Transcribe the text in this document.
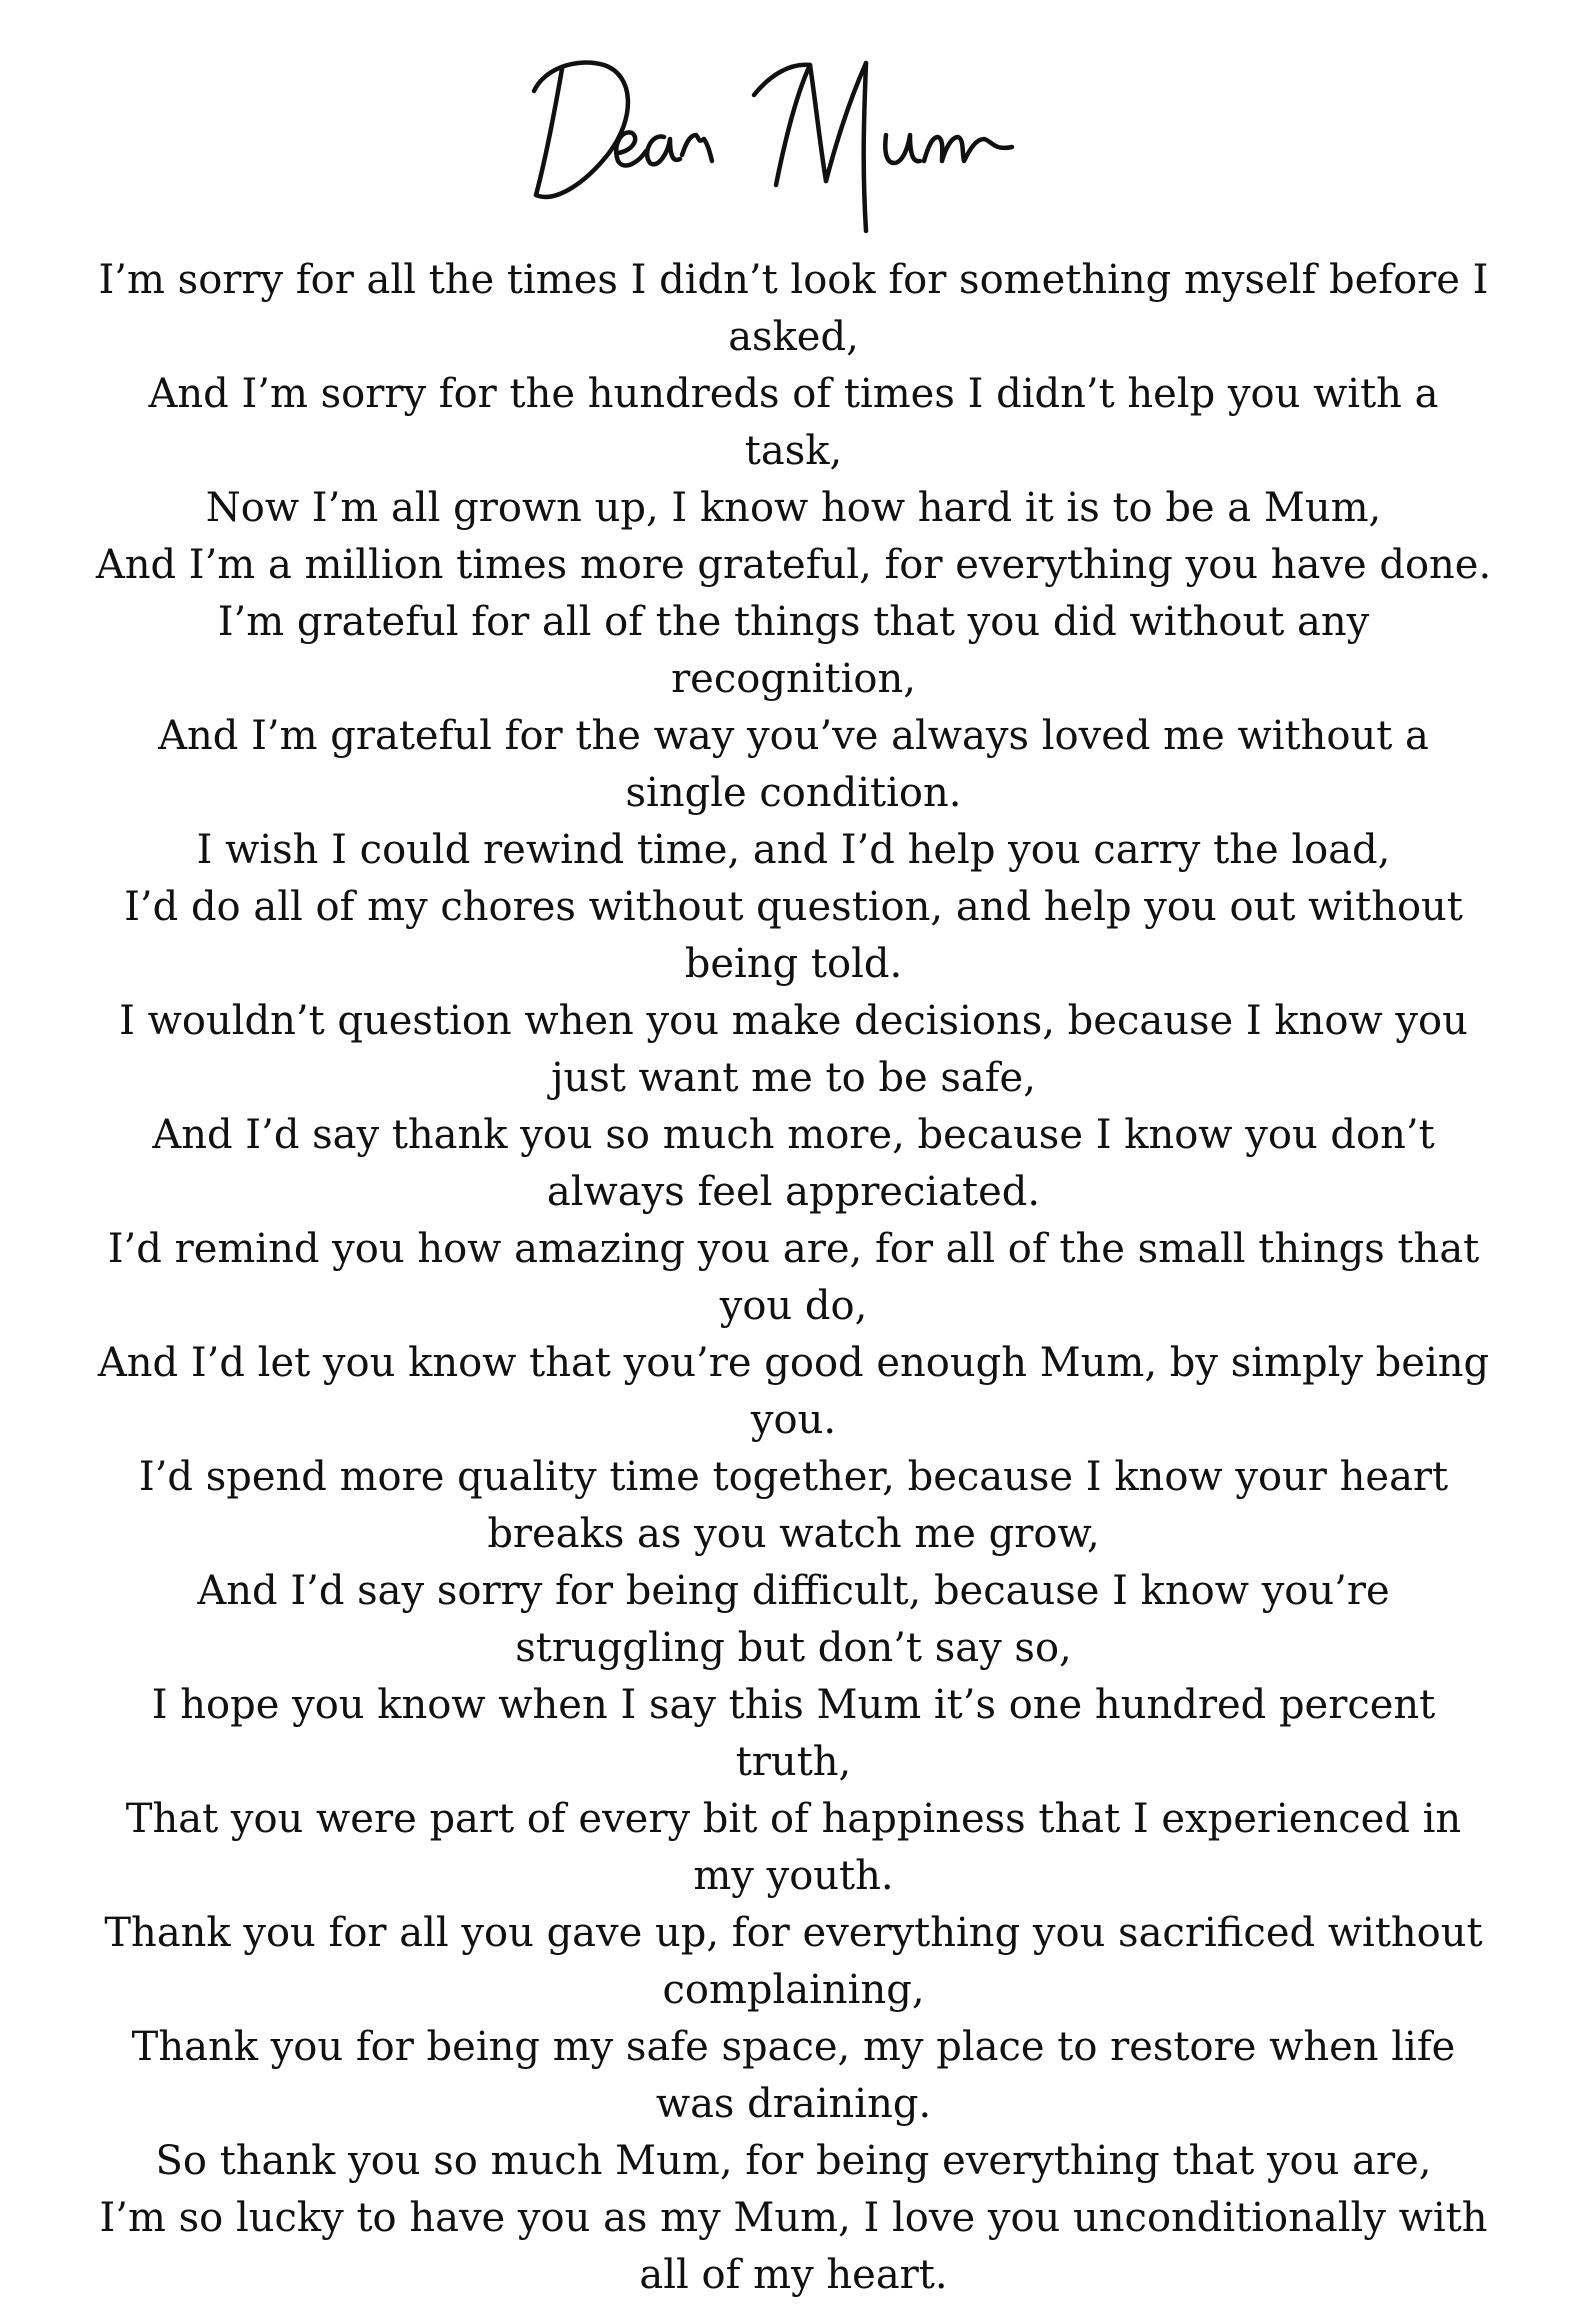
I’m sorry for all the times I didn’t look for something myself before I asked,
And I’m sorry for the hundreds of times I didn’t help you with a task,
Now I’m all grown up, I know how hard it is to be a Mum,
And I’m a million times more grateful, for everything you have done.
I’m grateful for all of the things that you did without any recognition,
And I’m grateful for the way you’ve always loved me without a single condition.
I wish I could rewind time, and I’d help you carry the load,
I’d do all of my chores without question, and help you out without being told.
I wouldn’t question when you make decisions, because I know you just want me to be safe,
And I’d say thank you so much more, because I know you don’t always feel appreciated.
I’d remind you how amazing you are, for all of the small things that you do,
And I’d let you know that you’re good enough Mum, by simply being you.
I’d spend more quality time together, because I know your heart breaks as you watch me grow,
And I’d say sorry for being difficult, because I know you’re struggling but don’t say so,
I hope you know when I say this Mum it’s one hundred percent truth,
That you were part of every bit of happiness that I experienced in my youth.
Thank you for all you gave up, for everything you sacrificed without complaining,
Thank you for being my safe space, my place to restore when life was draining.
So thank you so much Mum, for being everything that you are,
I’m so lucky to have you as my Mum, I love you unconditionally with all of my heart.
